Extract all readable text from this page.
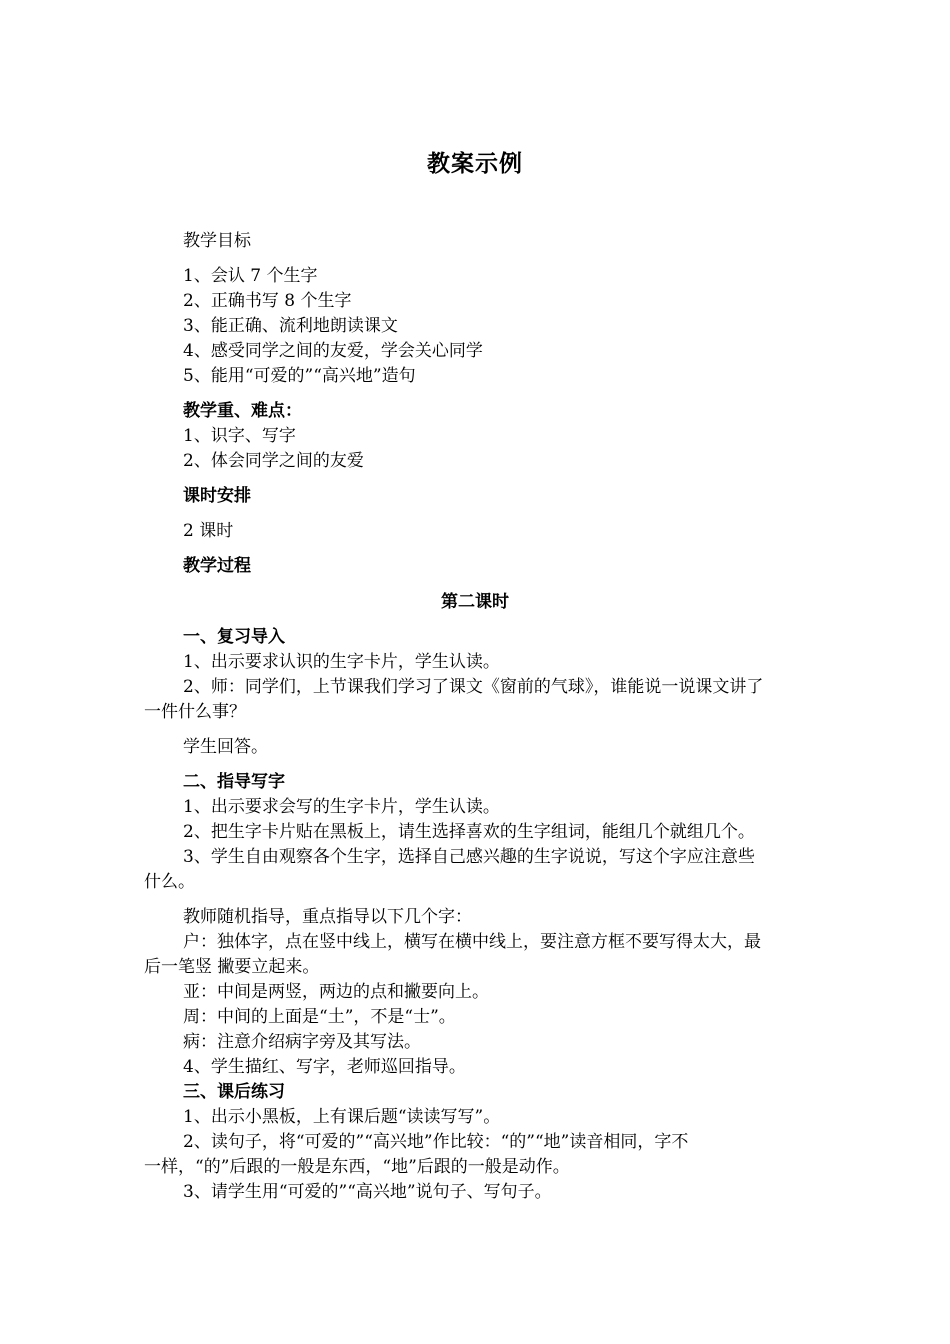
教案示例
教学目标
1、会认 7 个生字
2、正确书写 8 个生字
3、能正确、流利地朗读课文
4、感受同学之间的友爱，学会关心同学
5、能用“可爱的”“高兴地”造句
教学重、难点：
1、识字、写字
2、体会同学之间的友爱
课时安排
2 课时
教学过程
第二课时
一、复习导入
1、出示要求认识的生字卡片，学生认读。
2、师：同学们，上节课我们学习了课文《窗前的气球》，谁能说一说课文讲了
一件什么事？
学生回答。
二、指导写字
1、出示要求会写的生字卡片，学生认读。
2、把生字卡片贴在黑板上，请生选择喜欢的生字组词，能组几个就组几个。
3、学生自由观察各个生字，选择自己感兴趣的生字说说，写这个字应注意些
什么。
教师随机指导，重点指导以下几个字：
户：独体字，点在竖中线上，横写在横中线上，要注意方框不要写得太大，最
后一笔竖 撇要立起来。
亚：中间是两竖，两边的点和撇要向上。
周：中间的上面是“土”，不是“士”。
病：注意介绍病字旁及其写法。
4、学生描红、写字，老师巡回指导。
三、课后练习
1、出示小黑板，上有课后题“读读写写”。
2、读句子，将“可爱的”“高兴地”作比较：“的”“地”读音相同，字不
一样，“的”后跟的一般是东西，“地”后跟的一般是动作。
3、请学生用“可爱的”“高兴地”说句子、写句子。
